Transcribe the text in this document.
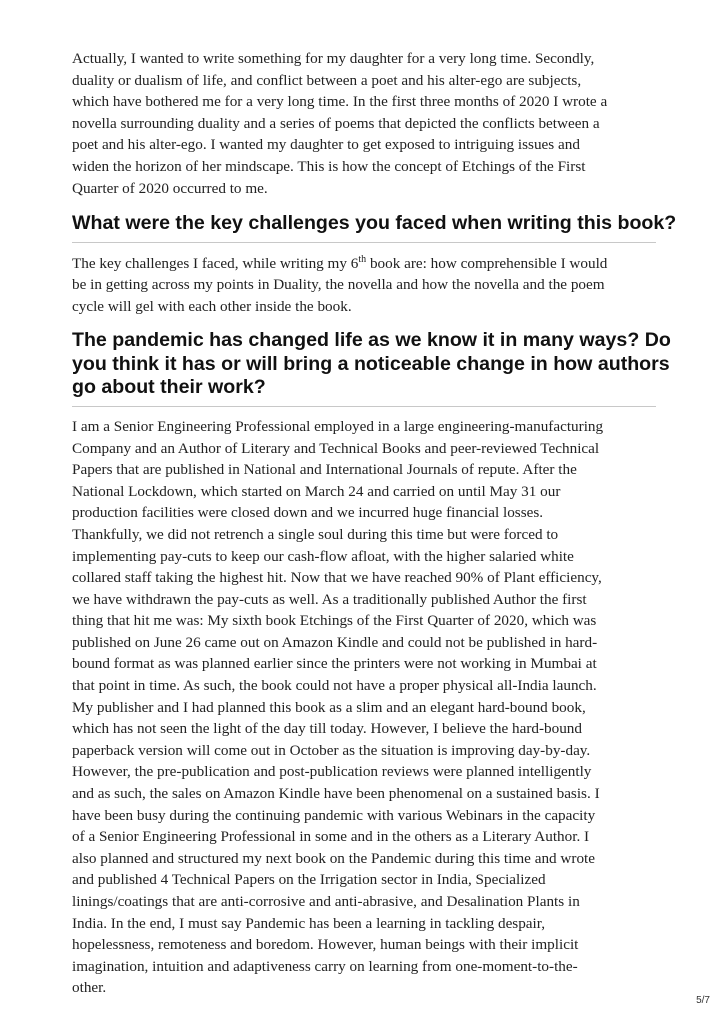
Actually, I wanted to write something for my daughter for a very long time. Secondly,
duality or dualism of life, and conflict between a poet and his alter-ego are subjects,
which have bothered me for a very long time. In the first three months of 2020 I wrote a
novella surrounding duality and a series of poems that depicted the conflicts between a
poet and his alter-ego. I wanted my daughter to get exposed to intriguing issues and
widen the horizon of her mindscape. This is how the concept of Etchings of the First
Quarter of 2020 occurred to me.

What were the key challenges you faced when writing this book?

The key challenges I faced, while writing my 6th book are: how comprehensible I would
be in getting across my points in Duality, the novella and how the novella and the poem
cycle will gel with each other inside the book.

The pandemic has changed life as we know it in many ways? Do
you think it has or will bring a noticeable change in how authors
go about their work?

I am a Senior Engineering Professional employed in a large engineering-manufacturing
Company and an Author of Literary and Technical Books and peer-reviewed Technical
Papers that are published in National and International Journals of repute. After the
National Lockdown, which started on March 24 and carried on until May 31 our
production facilities were closed down and we incurred huge financial losses.
Thankfully, we did not retrench a single soul during this time but were forced to
implementing pay-cuts to keep our cash-flow afloat, with the higher salaried white
collared staff taking the highest hit. Now that we have reached 90% of Plant efficiency,
we have withdrawn the pay-cuts as well. As a traditionally published Author the first
thing that hit me was: My sixth book Etchings of the First Quarter of 2020, which was
published on June 26 came out on Amazon Kindle and could not be published in hard-
bound format as was planned earlier since the printers were not working in Mumbai at
that point in time. As such, the book could not have a proper physical all-India launch.
My publisher and I had planned this book as a slim and an elegant hard-bound book,
which has not seen the light of the day till today. However, I believe the hard-bound
paperback version will come out in October as the situation is improving day-by-day.
However, the pre-publication and post-publication reviews were planned intelligently
and as such, the sales on Amazon Kindle have been phenomenal on a sustained basis. I
have been busy during the continuing pandemic with various Webinars in the capacity
of a Senior Engineering Professional in some and in the others as a Literary Author. I
also planned and structured my next book on the Pandemic during this time and wrote
and published 4 Technical Papers on the Irrigation sector in India, Specialized
linings/coatings that are anti-corrosive and anti-abrasive, and Desalination Plants in
India. In the end, I must say Pandemic has been a learning in tackling despair,
hopelessness, remoteness and boredom. However, human beings with their implicit
imagination, intuition and adaptiveness carry on learning from one-moment-to-the-
other.

5/7
